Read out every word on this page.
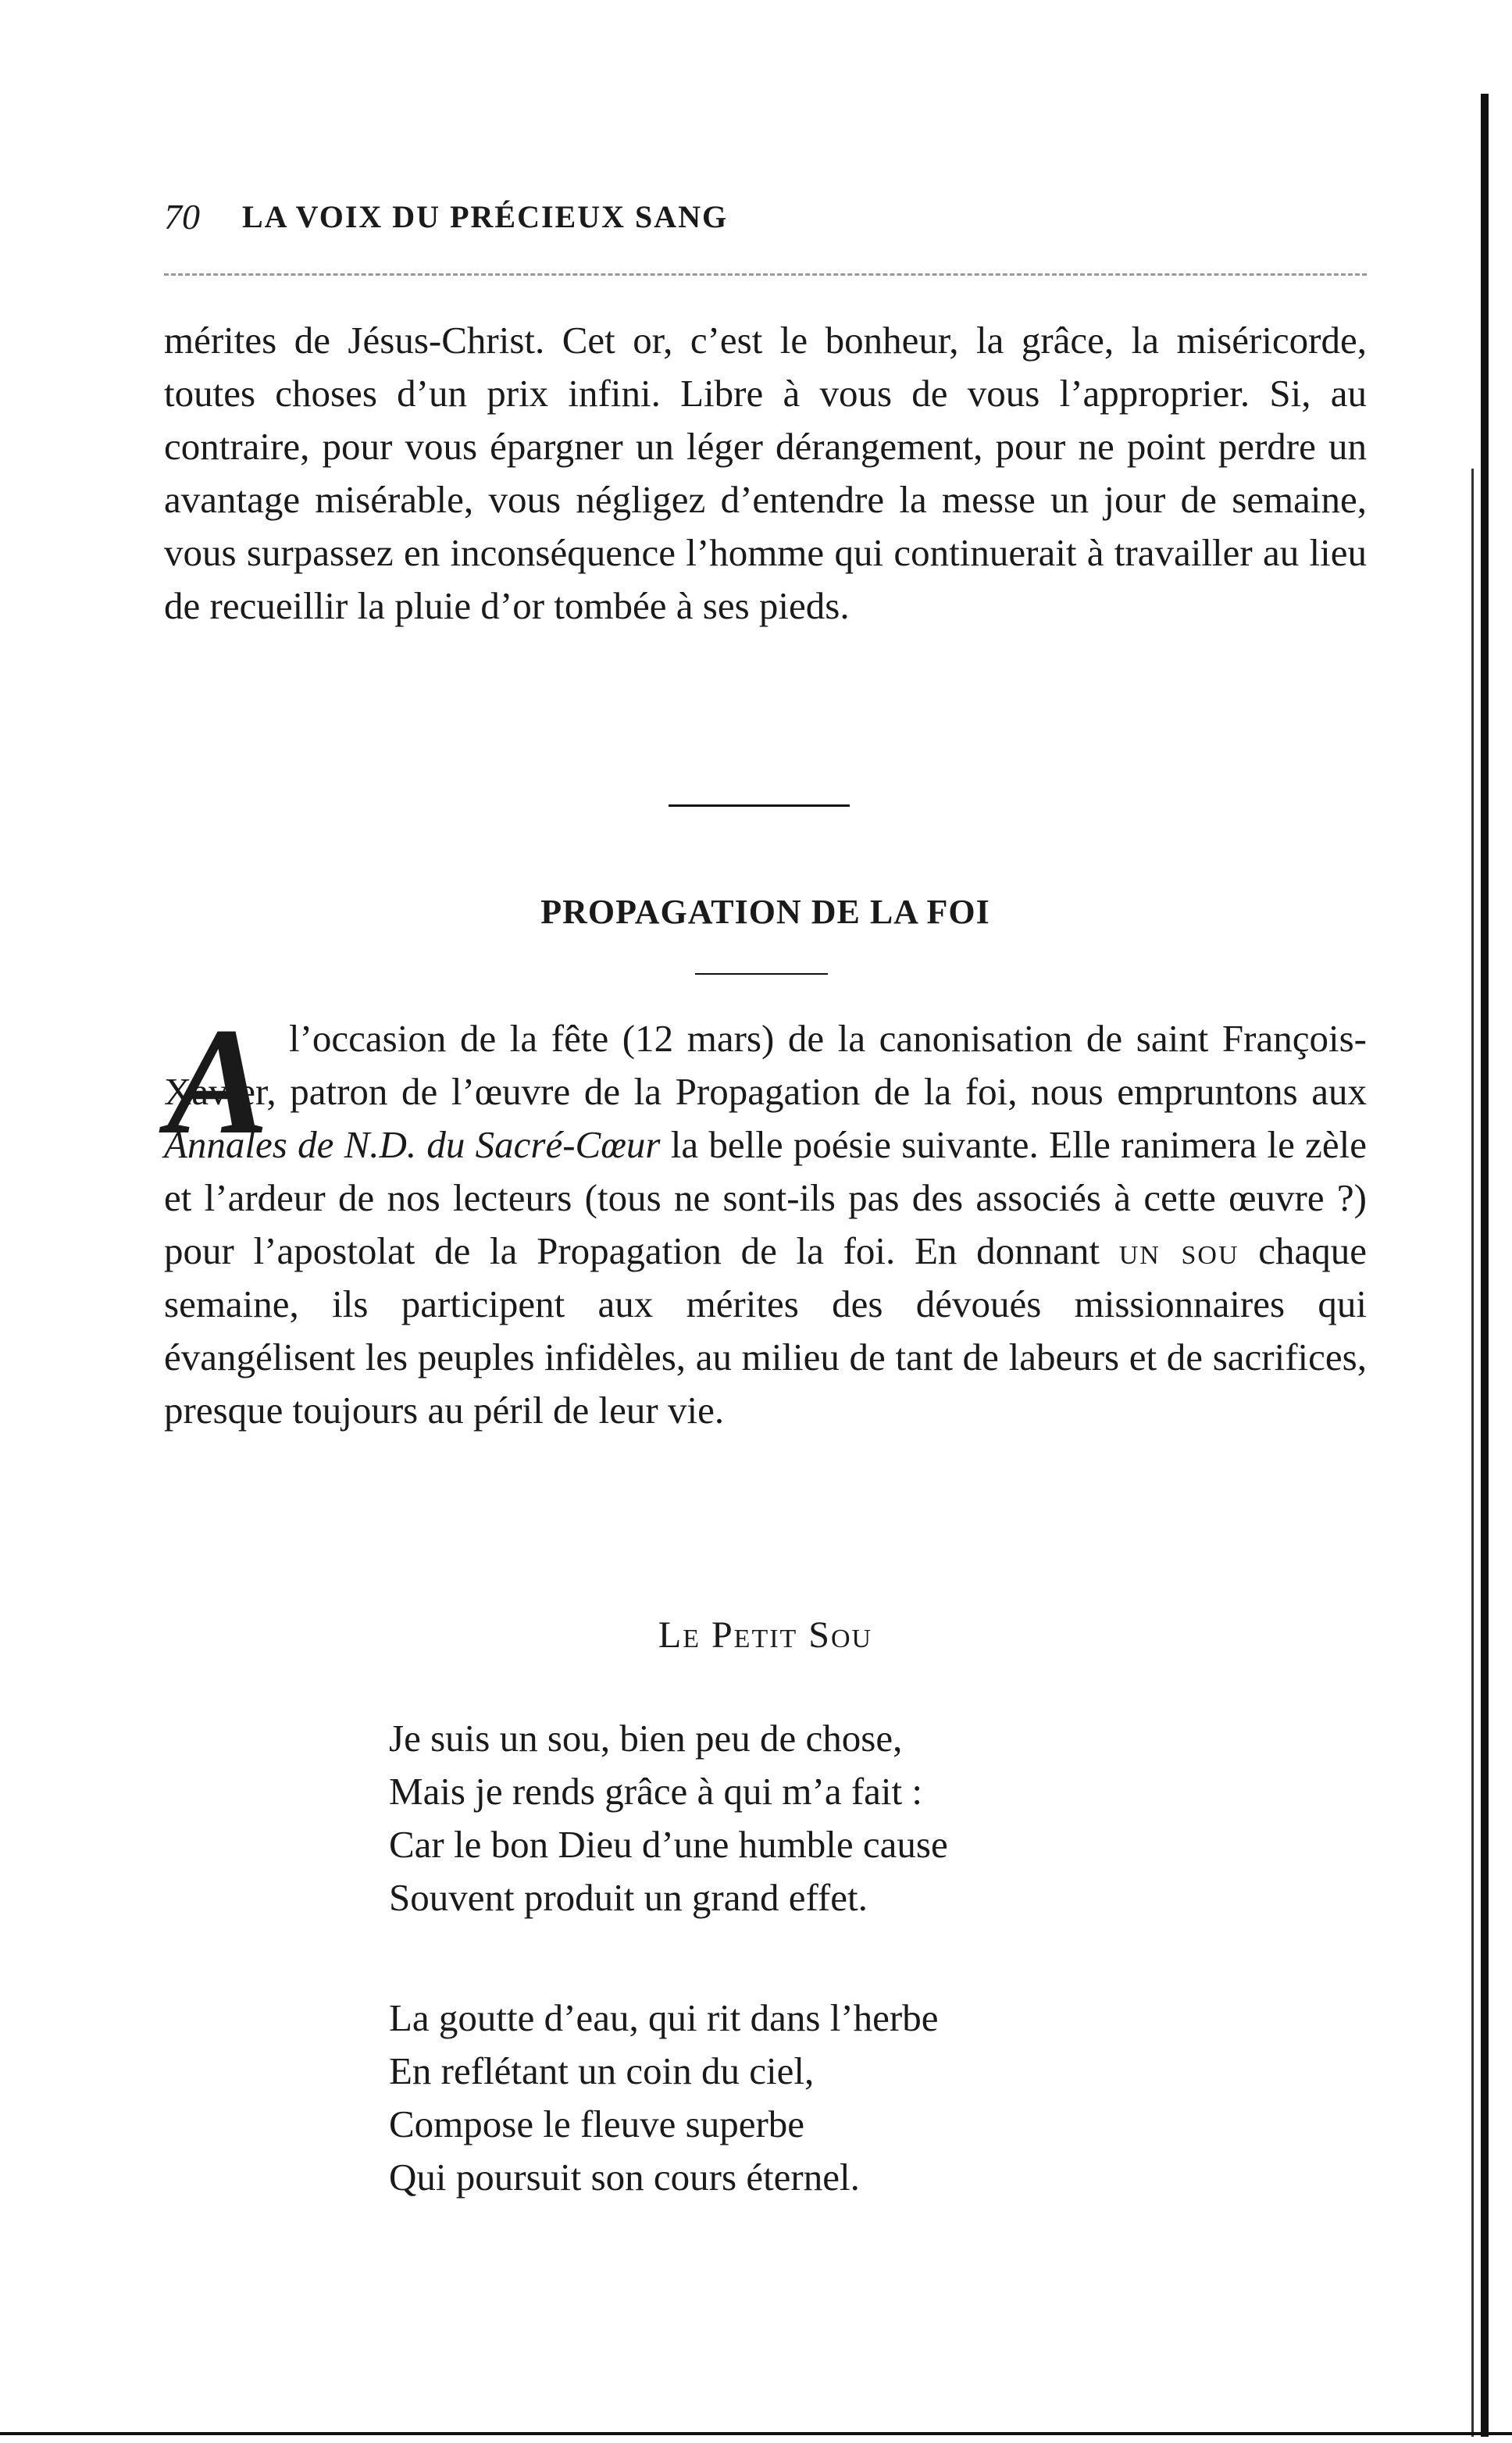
70 LA VOIX DU PRÉCIEUX SANG

mérites de Jésus-Christ. Cet or, c’est le bonheur, la grâce, la miséricorde, toutes choses d’un prix infini. Libre à vous de vous l’approprier. Si, au contraire, pour vous épargner un léger dérangement, pour ne point perdre un avantage misérable, vous négligez d’entendre la messe un jour de semaine, vous surpassez en inconséquence l’homme qui continuerait à travailler au lieu de recueillir la pluie d’or tombée à ses pieds.

PROPAGATION DE LA FOI
A l’occasion de la fête (12 mars) de la canonisation de saint François-Xavier, patron de l’œuvre de la Propagation de la foi, nous empruntons aux Annales de N.D. du Sacré-Cœur la belle poésie suivante. Elle ranimera le zèle et l’ardeur de nos lecteurs (tous ne sont-ils pas des associés à cette œuvre ?) pour l’apostolat de la Propagation de la foi. En donnant un sou chaque semaine, ils participent aux mérites des dévoués missionnaires qui évangélisent les peuples infidèles, au milieu de tant de labeurs et de sacrifices, presque toujours au péril de leur vie.

Le Petit Sou
Je suis un sou, bien peu de chose,
Mais je rends grâce à qui m’a fait :
Car le bon Dieu d’une humble cause
Souvent produit un grand effet.
La goutte d’eau, qui rit dans l’herbe
En reflétant un coin du ciel,
Compose le fleuve superbe
Qui poursuit son cours éternel.
